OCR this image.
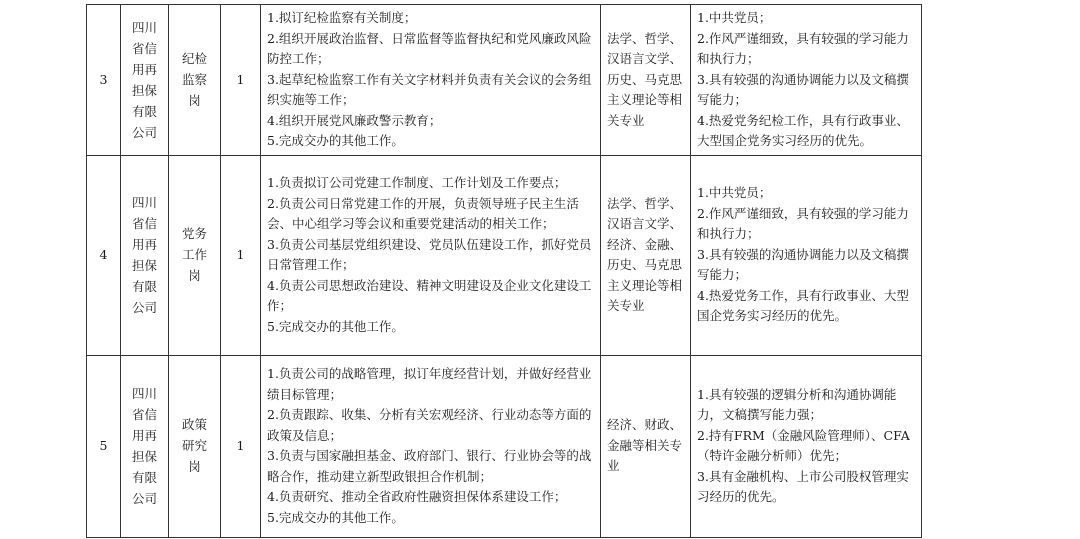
3	四川省信用再担保有限公司	纪检监察岗	1	1.拟订纪检监察有关制度；
2.组织开展政治监督、日常监督等监督执纪和党风廉政风险防控工作；
3.起草纪检监察工作有关文字材料并负责有关会议的会务组织实施等工作；
4.组织开展党风廉政警示教育；
5.完成交办的其他工作。	法学、哲学、汉语言文学、历史、马克思主义理论等相关专业	1.中共党员；
2.作风严谨细致，具有较强的学习能力和执行力；
3.具有较强的沟通协调能力以及文稿撰写能力；
4.热爱党务纪检工作，具有行政事业、大型国企党务实习经历的优先。

4	四川省信用再担保有限公司	党务工作岗	1	1.负责拟订公司党建工作制度、工作计划及工作要点；
2.负责公司日常党建工作的开展，负责领导班子民主生活会、中心组学习等会议和重要党建活动的相关工作；
3.负责公司基层党组织建设、党员队伍建设工作，抓好党员日常管理工作；
4.负责公司思想政治建设、精神文明建设及企业文化建设工作；
5.完成交办的其他工作。	法学、哲学、汉语言文学、经济、金融、历史、马克思主义理论等相关专业	1.中共党员；
2.作风严谨细致，具有较强的学习能力和执行力；
3.具有较强的沟通协调能力以及文稿撰写能力；
4.热爱党务工作，具有行政事业、大型国企党务实习经历的优先。

5	四川省信用再担保有限公司	政策研究岗	1	1.负责公司的战略管理，拟订年度经营计划，并做好经营业绩目标管理；
2.负责跟踪、收集、分析有关宏观经济、行业动态等方面的政策及信息；
3.负责与国家融担基金、政府部门、银行、行业协会等的战略合作，推动建立新型政银担合作机制；
4.负责研究、推动全省政府性融资担保体系建设工作；
5.完成交办的其他工作。	经济、财政、金融等相关专业	1.具有较强的逻辑分析和沟通协调能力，文稿撰写能力强；
2.持有FRM（金融风险管理师）、CFA（特许金融分析师）优先；
3.具有金融机构、上市公司股权管理实习经历的优先。
